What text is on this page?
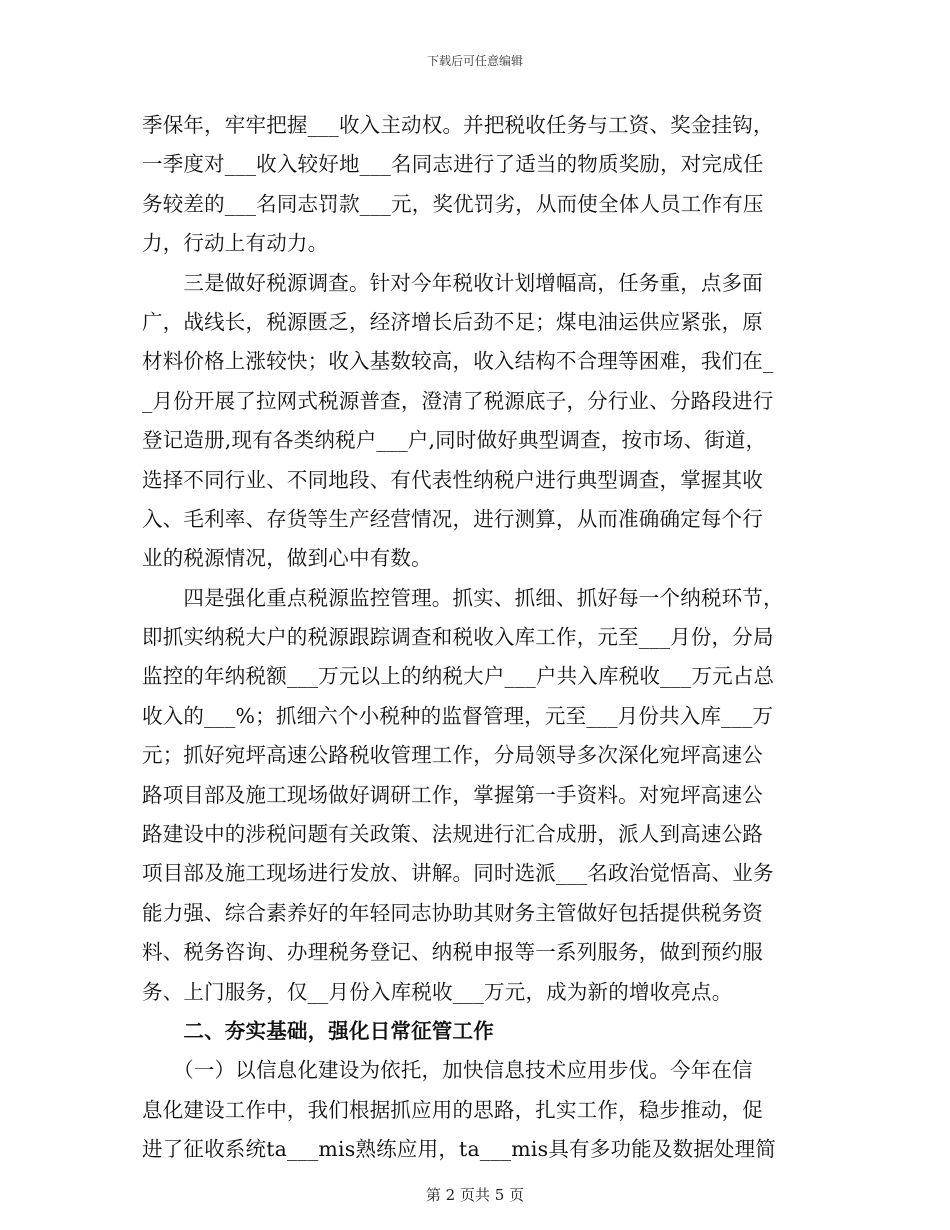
下载后可任意编辑
季保年，牢牢把握___收入主动权。并把税收任务与工资、奖金挂钩，
一季度对___收入较好地___名同志进行了适当的物质奖励，对完成任
务较差的___名同志罚款___元，奖优罚劣，从而使全体人员工作有压
力，行动上有动力。
　　三是做好税源调查。针对今年税收计划增幅高，任务重，点多面
广，战线长，税源匮乏，经济增长后劲不足；煤电油运供应紧张，原
材料价格上涨较快；收入基数较高，收入结构不合理等困难，我们在_
_月份开展了拉网式税源普查，澄清了税源底子，分行业、分路段进行
登记造册,现有各类纳税户___户,同时做好典型调查，按市场、街道，
选择不同行业、不同地段、有代表性纳税户进行典型调查，掌握其收
入、毛利率、存货等生产经营情况，进行测算，从而准确确定每个行
业的税源情况，做到心中有数。
　　四是强化重点税源监控管理。抓实、抓细、抓好每一个纳税环节，
即抓实纳税大户的税源跟踪调查和税收入库工作，元至___月份，分局
监控的年纳税额___万元以上的纳税大户___户共入库税收___万元占总
收入的___%；抓细六个小税种的监督管理，元至___月份共入库___万
元；抓好宛坪高速公路税收管理工作，分局领导多次深化宛坪高速公
路项目部及施工现场做好调研工作，掌握第一手资料。对宛坪高速公
路建设中的涉税问题有关政策、法规进行汇合成册，派人到高速公路
项目部及施工现场进行发放、讲解。同时选派___名政治觉悟高、业务
能力强、综合素养好的年轻同志协助其财务主管做好包括提供税务资
料、税务咨询、办理税务登记、纳税申报等一系列服务，做到预约服
务、上门服务，仅__月份入库税收___万元，成为新的增收亮点。
　　二、夯实基础，强化日常征管工作
　　（一）以信息化建设为依托，加快信息技术应用步伐。今年在信
息化建设工作中，我们根据抓应用的思路，扎实工作，稳步推动，促
进了征收系统ta___mis熟练应用，ta___mis具有多功能及数据处理简
第 2 页共 5 页
